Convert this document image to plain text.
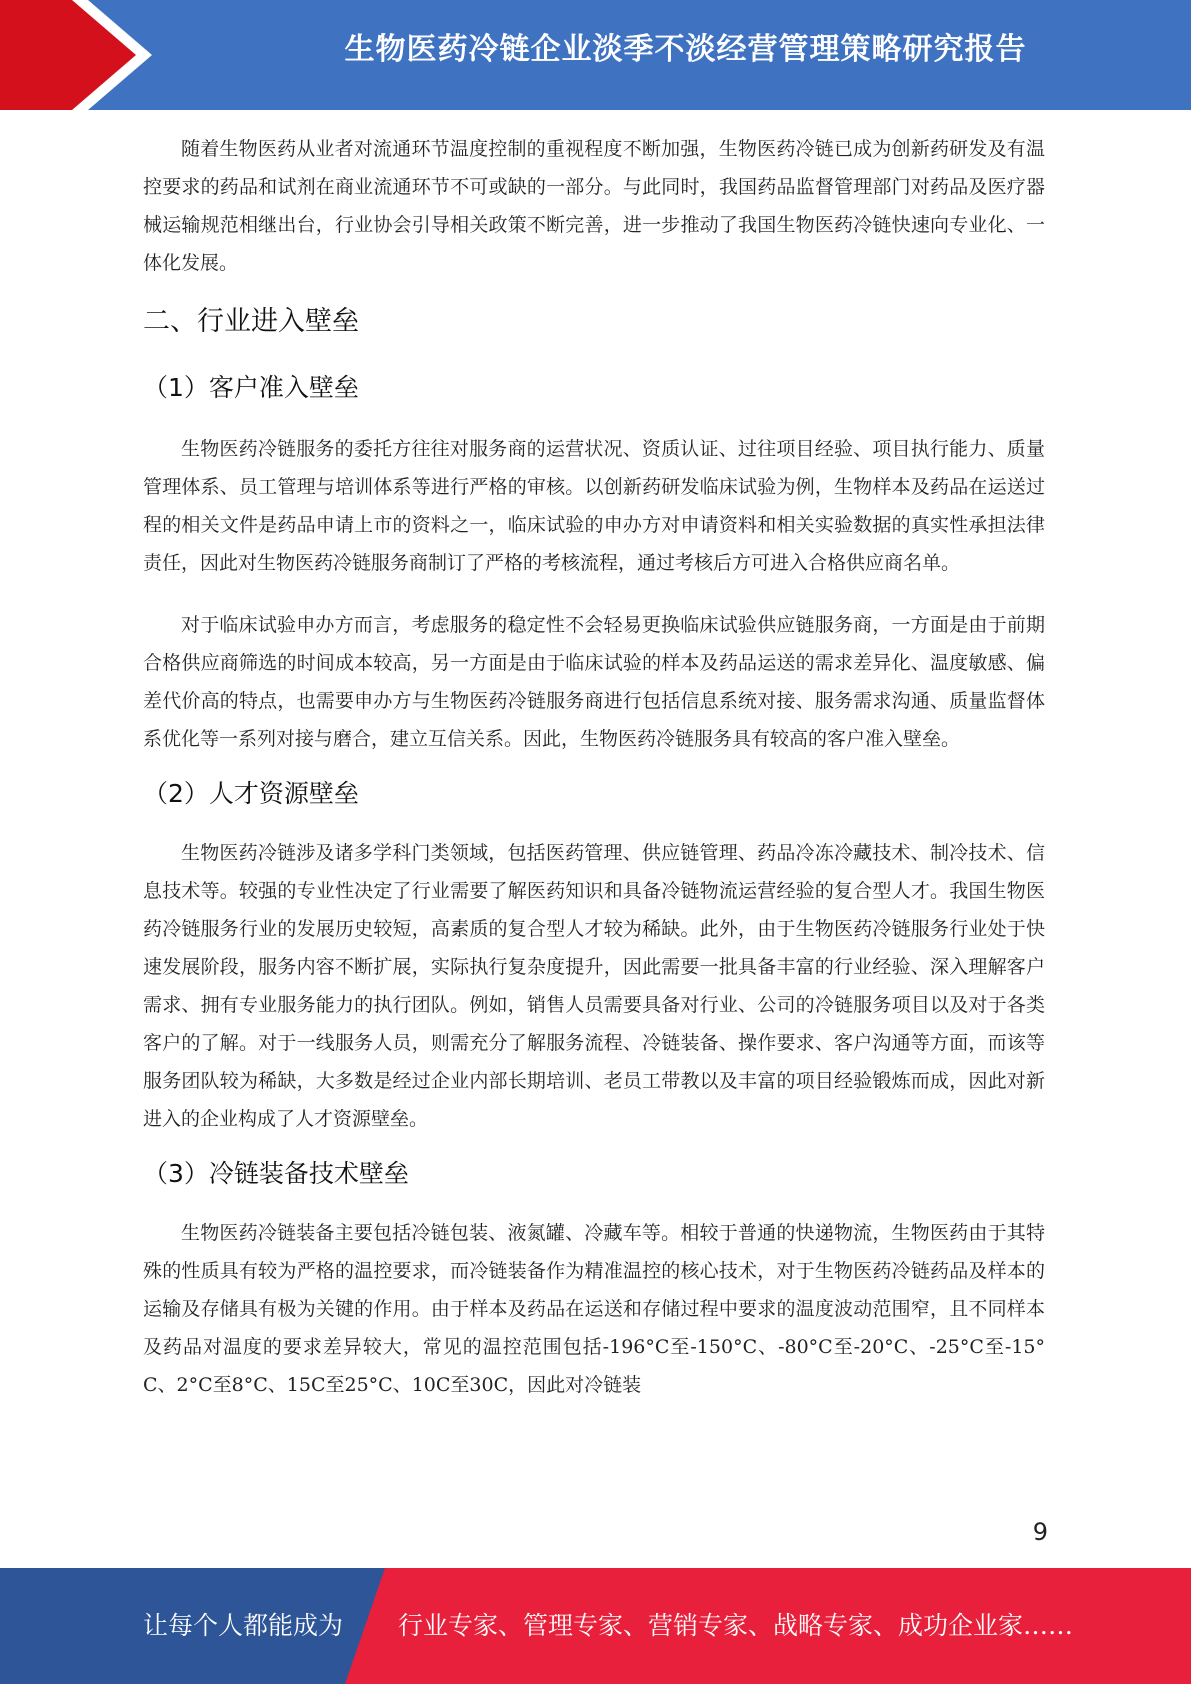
生物医药冷链企业淡季不淡经营管理策略研究报告

随着生物医药从业者对流通环节温度控制的重视程度不断加强，生物医药冷链已成为创新药研发及有温控要求的药品和试剂在商业流通环节不可或缺的一部分。与此同时，我国药品监督管理部门对药品及医疗器械运输规范相继出台，行业协会引导相关政策不断完善，进一步推动了我国生物医药冷链快速向专业化、一体化发展。

二、行业进入壁垒
（1）客户准入壁垒

生物医药冷链服务的委托方往往对服务商的运营状况、资质认证、过往项目经验、项目执行能力、质量管理体系、员工管理与培训体系等进行严格的审核。以创新药研发临床试验为例，生物样本及药品在运送过程的相关文件是药品申请上市的资料之一，临床试验的申办方对申请资料和相关实验数据的真实性承担法律责任，因此对生物医药冷链服务商制订了严格的考核流程，通过考核后方可进入合格供应商名单。

对于临床试验申办方而言，考虑服务的稳定性不会轻易更换临床试验供应链服务商，一方面是由于前期合格供应商筛选的时间成本较高，另一方面是由于临床试验的样本及药品运送的需求差异化、温度敏感、偏差代价高的特点，也需要申办方与生物医药冷链服务商进行包括信息系统对接、服务需求沟通、质量监督体系优化等一系列对接与磨合，建立互信关系。因此，生物医药冷链服务具有较高的客户准入壁垒。

（2）人才资源壁垒

生物医药冷链涉及诸多学科门类领域，包括医药管理、供应链管理、药品冷冻冷藏技术、制冷技术、信息技术等。较强的专业性决定了行业需要了解医药知识和具备冷链物流运营经验的复合型人才。我国生物医药冷链服务行业的发展历史较短，高素质的复合型人才较为稀缺。此外，由于生物医药冷链服务行业处于快速发展阶段，服务内容不断扩展，实际执行复杂度提升，因此需要一批具备丰富的行业经验、深入理解客户需求、拥有专业服务能力的执行团队。例如，销售人员需要具备对行业、公司的冷链服务项目以及对于各类客户的了解。对于一线服务人员，则需充分了解服务流程、冷链装备、操作要求、客户沟通等方面，而该等服务团队较为稀缺，大多数是经过企业内部长期培训、老员工带教以及丰富的项目经验锻炼而成，因此对新进入的企业构成了人才资源壁垒。

（3）冷链装备技术壁垒

生物医药冷链装备主要包括冷链包装、液氮罐、冷藏车等。相较于普通的快递物流，生物医药由于其特殊的性质具有较为严格的温控要求，而冷链装备作为精准温控的核心技术，对于生物医药冷链药品及样本的运输及存储具有极为关键的作用。由于样本及药品在运送和存储过程中要求的温度波动范围窄，且不同样本及药品对温度的要求差异较大，常见的温控范围包括-196°C至-150°C、-80°C至-20°C、-25°C至-15°C、2°C至8°C、15C至25°C、10C至30C，因此对冷链装

9
让每个人都能成为 行业专家、管理专家、营销专家、战略专家、成功企业家……
